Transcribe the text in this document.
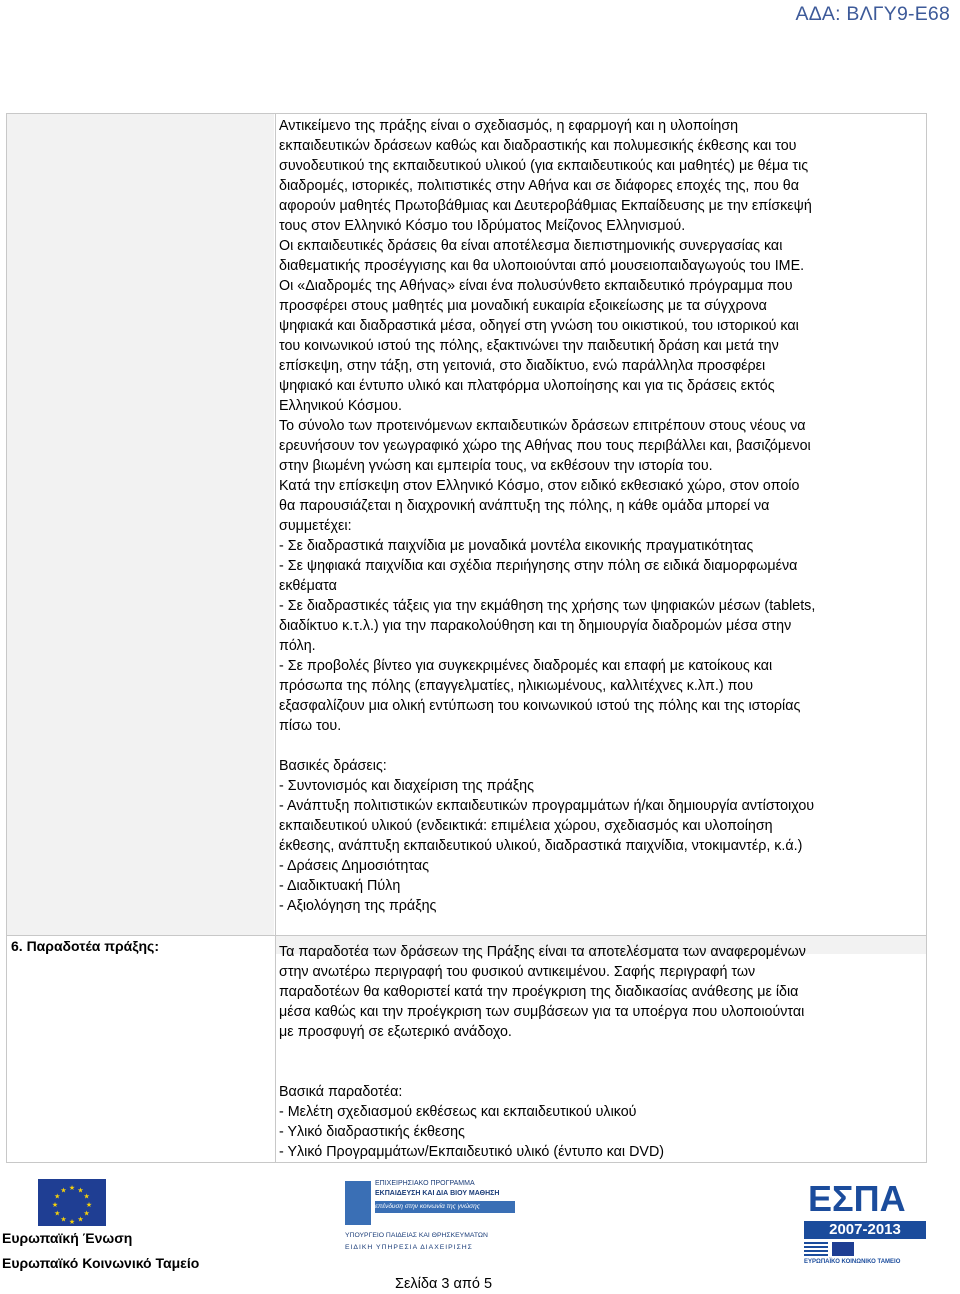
ΑΔΑ: ΒΛΓΥ9-Ε68
Αντικείμενο της πράξης είναι ο σχεδιασμός, η εφαρμογή και η υλοποίηση
εκπαιδευτικών δράσεων καθώς και διαδραστικής και πολυμεσικής έκθεσης και του
συνοδευτικού της εκπαιδευτικού υλικού (για εκπαιδευτικούς και μαθητές) με θέμα τις
διαδρομές, ιστορικές, πολιτιστικές στην Αθήνα και σε διάφορες εποχές της, που θα
αφορούν μαθητές Πρωτοβάθμιας και Δευτεροβάθμιας Εκπαίδευσης με την επίσκεψή
τους στον Ελληνικό Κόσμο του Ιδρύματος Μείζονος Ελληνισμού.
Οι εκπαιδευτικές δράσεις θα είναι αποτέλεσμα διεπιστημονικής συνεργασίας και
διαθεματικής προσέγγισης και θα υλοποιούνται από μουσειοπαιδαγωγούς του ΙΜΕ.
Οι «Διαδρομές της Αθήνας» είναι ένα πολυσύνθετο εκπαιδευτικό πρόγραμμα που
προσφέρει στους μαθητές μια μοναδική ευκαιρία εξοικείωσης με τα σύγχρονα
ψηφιακά και διαδραστικά μέσα, οδηγεί στη γνώση του οικιστικού, του ιστορικού και
του κοινωνικού ιστού της πόλης, εξακτινώνει την παιδευτική δράση και μετά την
επίσκεψη, στην τάξη, στη γειτονιά, στο διαδίκτυο, ενώ παράλληλα προσφέρει
ψηφιακό και έντυπο υλικό και πλατφόρμα υλοποίησης και για τις δράσεις εκτός
Ελληνικού Κόσμου.
Το σύνολο των προτεινόμενων εκπαιδευτικών δράσεων επιτρέπουν στους νέους να
ερευνήσουν τον γεωγραφικό χώρο της Αθήνας που τους περιβάλλει και, βασιζόμενοι
στην βιωμένη γνώση και εμπειρία τους, να εκθέσουν την ιστορία του.
Κατά την επίσκεψη στον Ελληνικό Κόσμο, στον ειδικό εκθεσιακό χώρο, στον οποίο
θα παρουσιάζεται η διαχρονική ανάπτυξη της πόλης, η κάθε ομάδα μπορεί να
συμμετέχει:
- Σε διαδραστικά παιχνίδια με μοναδικά μοντέλα εικονικής πραγματικότητας
- Σε ψηφιακά παιχνίδια και σχέδια περιήγησης στην πόλη σε ειδικά διαμορφωμένα
εκθέματα
- Σε διαδραστικές τάξεις για την εκμάθηση της χρήσης των ψηφιακών μέσων (tablets,
διαδίκτυο κ.τ.λ.) για την παρακολούθηση και τη δημιουργία διαδρομών μέσα στην
πόλη.
- Σε προβολές βίντεο για συγκεκριμένες διαδρομές και επαφή με κατοίκους και
πρόσωπα της πόλης (επαγγελματίες, ηλικιωμένους, καλλιτέχνες κ.λπ.) που
εξασφαλίζουν μια ολική εντύπωση του κοινωνικού ιστού της πόλης και της ιστορίας
πίσω του.
Βασικές δράσεις:
- Συντονισμός και διαχείριση της πράξης
- Ανάπτυξη πολιτιστικών εκπαιδευτικών προγραμμάτων ή/και δημιουργία αντίστοιχου
εκπαιδευτικού υλικού (ενδεικτικά: επιμέλεια χώρου, σχεδιασμός και υλοποίηση
έκθεσης, ανάπτυξη εκπαιδευτικού υλικού, διαδραστικά παιχνίδια, ντοκιμαντέρ, κ.ά.)
- Δράσεις Δημοσιότητας
- Διαδικτυακή Πύλη
- Αξιολόγηση της πράξης
6. Παραδοτέα πράξης:	Τα παραδοτέα των δράσεων της Πράξης είναι τα αποτελέσματα των αναφερομένων
στην ανωτέρω περιγραφή του φυσικού αντικειμένου. Σαφής περιγραφή των
παραδοτέων θα καθοριστεί κατά την προέγκριση της διαδικασίας ανάθεσης με ίδια
μέσα καθώς και την προέγκριση των συμβάσεων για τα υποέργα που υλοποιούνται
με προσφυγή σε εξωτερικό ανάδοχο.
Βασικά παραδοτέα:
- Μελέτη σχεδιασμού εκθέσεως και εκπαιδευτικού υλικού
- Υλικό διαδραστικής έκθεσης
- Υλικό Προγραμμάτων/Εκπαιδευτικό υλικό (έντυπο και DVD)
★ ★
★
★
★
★
★
★
★
★
★
★
Ευρωπαϊκή Ένωση
Ευρωπαϊκό Κοινωνικό Ταμείο
ΕΠΙΧΕΙΡΗΣΙΑΚΟ ΠΡΟΓΡΑΜΜΑ
ΕΚΠΑΙΔΕΥΣΗ ΚΑΙ ΔΙΑ ΒΙΟΥ ΜΑΘΗΣΗ
επένδυση στην κοινωνία της γνώσης
ΥΠΟΥΡΓΕΙΟ ΠΑΙΔΕΙΑΣ ΚΑΙ ΘΡΗΣΚΕΥΜΑΤΩΝ
ΕΙΔΙΚΗ ΥΠΗΡΕΣΙΑ ΔΙΑΧΕΙΡΙΣΗΣ
ΕΣΠΑ
2007-2013
ΕΥΡΩΠΑΪΚΟ ΚΟΙΝΩΝΙΚΟ ΤΑΜΕΙΟ
Σελίδα 3 από 5
